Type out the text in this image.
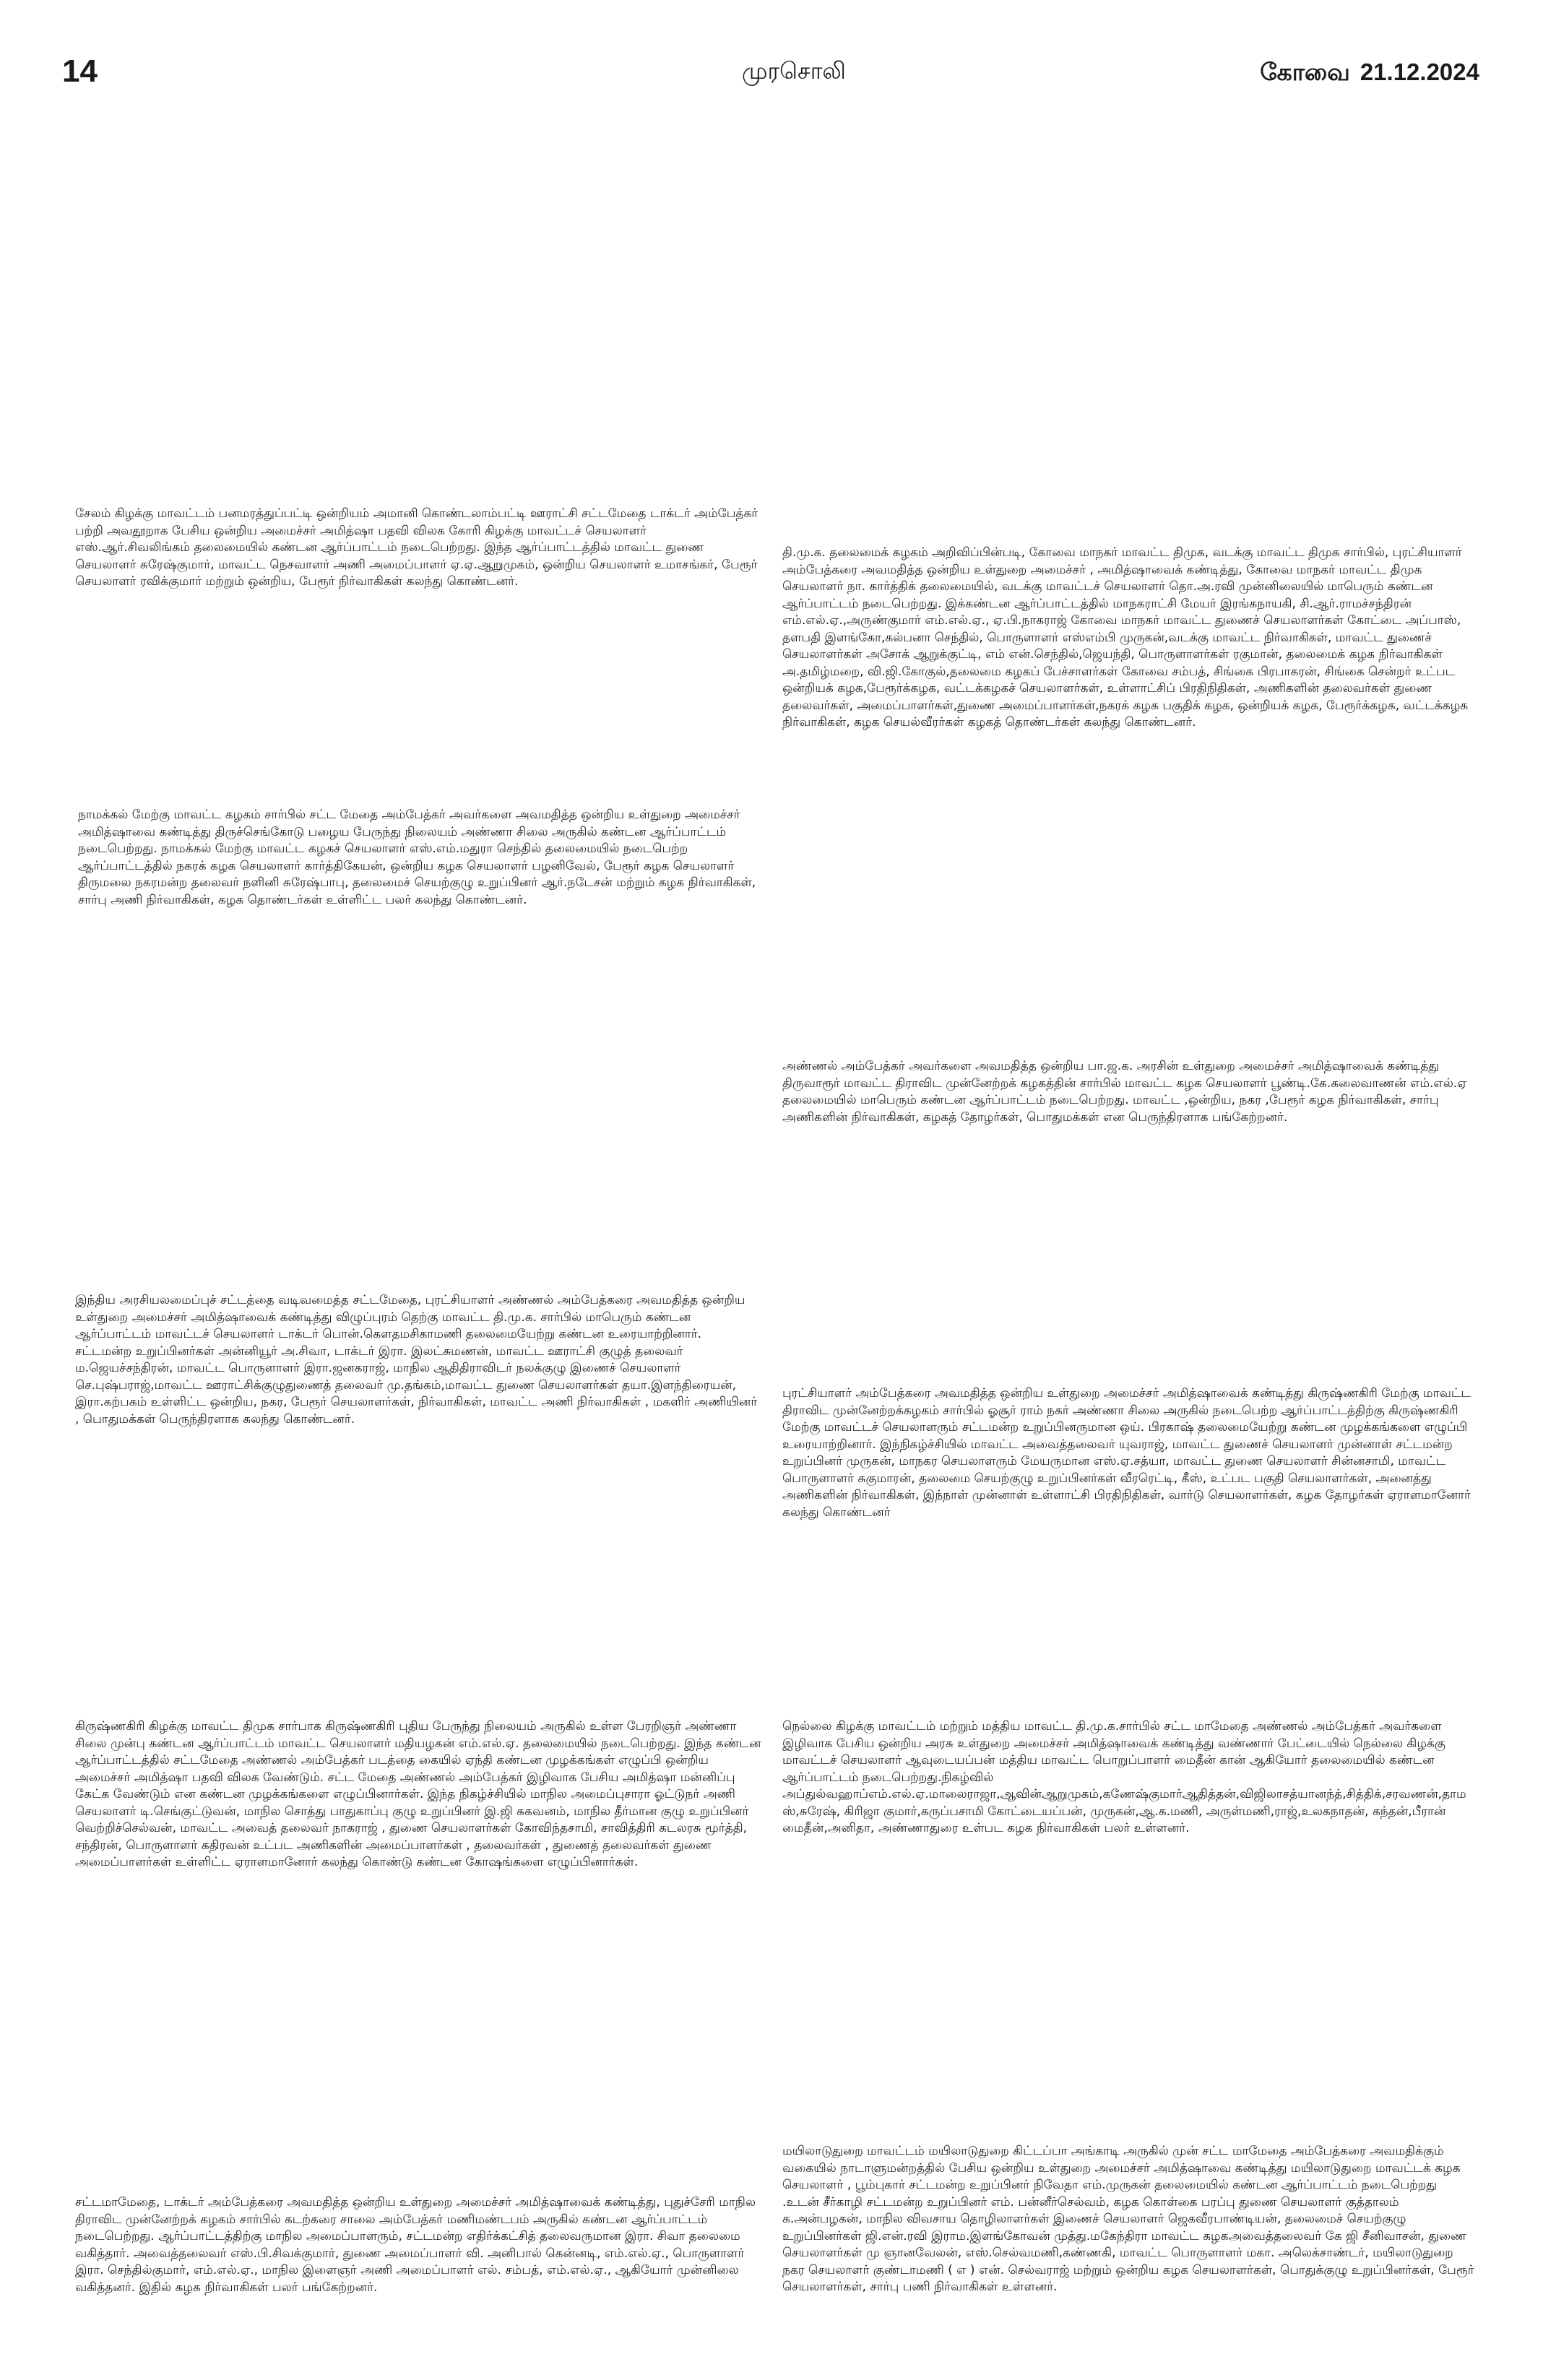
14	முரசொலி	கோவை 21.12.2024
சேலம் கிழக்கு மாவட்டம் பனமரத்துப்பட்டி ஒன்றியம் அமானி கொண்டலாம்பட்டி ஊராட்சி சட்டமேதை டாக்டர் அம்பேத்கர் பற்றி அவதூறாக பேசிய ஒன்றிய அமைச்சர் அமித்ஷா பதவி விலக கோரி கிழக்கு மாவட்டச் செயலாளர் எஸ்.ஆர்.சிவலிங்கம் தலைமையில் கண்டன ஆர்ப்பாட்டம் நடைபெற்றது. இந்த ஆர்ப்பாட்டத்தில் மாவட்ட துணை செயலாளர் சுரேஷ்குமார், மாவட்ட நெசவாளர் அணி அமைப்பாளர் ஏ.ஏ.ஆறுமுகம், ஒன்றிய செயலாளர் உமாசங்கர், பேரூர் செயலாளர் ரவிக்குமார் மற்றும் ஒன்றிய, பேரூர் நிர்வாகிகள் கலந்து கொண்டனர்.
தி.மு.க. தலைமைக் கழகம் அறிவிப்பின்படி, கோவை மாநகர் மாவட்ட திமுக, வடக்கு மாவட்ட திமுக சார்பில், புரட்சியாளர் அம்பேத்கரை அவமதித்த ஒன்றிய உள்துறை அமைச்சர் , அமித்ஷாவைக் கண்டித்து, கோவை மாநகர் மாவட்ட திமுக செயலாளர் நா. கார்த்திக் தலைமையில், வடக்கு மாவட்டச் செயலாளர் தொ.அ.ரவி முன்னிலையில் மாபெரும் கண்டன ஆர்ப்பாட்டம் நடைபெற்றது. இக்கண்டன ஆர்ப்பாட்டத்தில் மாநகராட்சி மேயர் இரங்கநாயகி, சி.ஆர்.ராமச்சந்திரன் எம்.எல்.ஏ.,அருண்குமார் எம்.எல்.ஏ., ஏ.பி.நாகராஜ் கோவை மாநகர் மாவட்ட துணைச் செயலாளர்கள் கோட்டை அப்பாஸ், தளபதி இளங்கோ,கல்பனா செந்தில், பொருளாளர் எஸ்எம்பி முருகன்,வடக்கு மாவட்ட நிர்வாகிகள், மாவட்ட துணைச் செயலாளர்கள் அசோக் ஆறுக்குட்டி, எம் என்.செந்தில்,ஜெயந்தி, பொருளாளர்கள் ரகுமான், தலைமைக் கழக நிர்வாகிகள் அ.தமிழ்மறை, வி.ஜி.கோகுல்,தலைமை கழகப் பேச்சாளர்கள் கோவை சம்பத், சிங்கை பிரபாகரன், சிங்கை சென்றர் உட்பட ஒன்றியக் கழக,பேரூர்க்கழக, வட்டக்கழகச் செயலாளர்கள், உள்ளாட்சிப் பிரதிநிதிகள், அணிகளின் தலைவர்கள் துணை தலைவர்கள், அமைப்பாளர்கள்,துணை அமைப்பாளர்கள்,நகரக் கழக பகுதிக் கழக, ஒன்றியக் கழக, பேரூர்க்கழக, வட்டக்கழக நிர்வாகிகள், கழக செயல்வீரர்கள் கழகத் தொண்டர்கள் கலந்து கொண்டனர்.
நாமக்கல் மேற்கு மாவட்ட கழகம் சார்பில் சட்ட மேதை அம்பேத்கர் அவர்களை அவமதித்த ஒன்றிய உள்துறை அமைச்சர் அமித்ஷாவை கண்டித்து திருச்செங்கோடு பழைய பேருந்து நிலையம் அண்ணா சிலை அருகில் கண்டன ஆர்ப்பாட்டம் நடைபெற்றது. நாமக்கல் மேற்கு மாவட்ட கழகச் செயலாளர் எஸ்.எம்.மதுரா செந்தில் தலைமையில் நடைபெற்ற ஆர்ப்பாட்டத்தில் நகரக் கழக செயலாளர் கார்த்திகேயன், ஒன்றிய கழக செயலாளர் பழனிவேல், பேரூர் கழக செயலாளர் திருமலை நகரமன்ற தலைவர் நளினி சுரேஷ்பாபு, தலைமைச் செயற்குழு உறுப்பினர் ஆர்.நடேசன் மற்றும் கழக நிர்வாகிகள், சார்பு அணி நிர்வாகிகள், கழக தொண்டர்கள் உள்ளிட்ட பலர் கலந்து கொண்டனர்.
அண்ணல் அம்பேத்கர் அவர்களை அவமதித்த ஒன்றிய பா.ஜ.க. அரசின் உள்துறை அமைச்சர் அமித்ஷாவைக் கண்டித்து திருவாரூர் மாவட்ட திராவிட முன்னேற்றக் கழகத்தின் சார்பில் மாவட்ட கழக செயலாளர் பூண்டி.கே.கலைவாணன் எம்.எல்.ஏ தலைமையில் மாபெரும் கண்டன ஆர்ப்பாட்டம் நடைபெற்றது. மாவட்ட ,ஒன்றிய, நகர ,பேரூர் கழக நிர்வாகிகள், சார்பு அணிகளின் நிர்வாகிகள், கழகத் தோழர்கள், பொதுமக்கள் என பெருந்திரளாக பங்கேற்றனர்.
இந்திய அரசியலமைப்புச் சட்டத்தை வடிவமைத்த சட்டமேதை, புரட்சியாளர் அண்ணல் அம்பேத்கரை அவமதித்த ஒன்றிய உள்துறை அமைச்சர் அமித்ஷாவைக் கண்டித்து விழுப்புரம் தெற்கு மாவட்ட தி.மு.க. சார்பில் மாபெரும் கண்டன ஆர்ப்பாட்டம் மாவட்டச் செயலாளர் டாக்டர் பொன்.கௌதமசிகாமணி தலைமையேற்று கண்டன உரையாற்றினார். சட்டமன்ற உறுப்பினர்கள் அன்னியூர் அ.சிவா, டாக்டர் இரா. இலட்சுமணன், மாவட்ட ஊராட்சி குழுத் தலைவர் ம.ஜெயச்சந்திரன், மாவட்ட பொருளாளர் இரா.ஜனகராஜ், மாநில ஆதிதிராவிடர் நலக்குழு இணைச் செயலாளர் செ.புஷ்பராஜ்,மாவட்ட ஊராட்சிக்குழுதுணைத் தலைவர் மு.தங்கம்,மாவட்ட துணை செயலாளர்கள் தயா.இளந்திரையன், இரா.கற்பகம் உள்ளிட்ட ஒன்றிய, நகர, பேரூர் செயலாளர்கள், நிர்வாகிகள், மாவட்ட அணி நிர்வாகிகள் , மகளிர் அணியினர் , பொதுமக்கள் பெருந்திரளாக கலந்து கொண்டனர்.
புரட்சியாளர் அம்பேத்கரை அவமதித்த ஒன்றிய உள்துறை அமைச்சர் அமித்ஷாவைக் கண்டித்து கிருஷ்ணகிரி மேற்கு மாவட்ட திராவிட முன்னேற்றக்கழகம் சார்பில் ஓசூர் ராம் நகர் அண்ணா சிலை அருகில் நடைபெற்ற ஆர்ப்பாட்டத்திற்கு கிருஷ்ணகிரி மேற்கு மாவட்டச் செயலாளரும் சட்டமன்ற உறுப்பினருமான ஒய். பிரகாஷ் தலைமையேற்று கண்டன முழக்கங்களை எழுப்பி உரையாற்றினார். இந்நிகழ்ச்சியில் மாவட்ட அவைத்தலைவர் யுவராஜ், மாவட்ட துணைச் செயலாளர் முன்னாள் சட்டமன்ற உறுப்பினர் முருகன், மாநகர செயலாளரும் மேயருமான எஸ்.ஏ.சத்யா, மாவட்ட துணை செயலாளர் சின்னசாமி, மாவட்ட பொருளாளர் சுகுமாரன், தலைமை செயற்குழு உறுப்பினர்கள் வீரரெட்டி, கீஸ், உட்பட பகுதி செயலாளர்கள், அனைத்து அணிகளின் நிர்வாகிகள், இந்நாள் முன்னாள் உள்ளாட்சி பிரதிநிதிகள், வார்டு செயலாளர்கள், கழக தோழர்கள் ஏராளமானோர் கலந்து கொண்டனர்
கிருஷ்ணகிரி கிழக்கு மாவட்ட திமுக சார்பாக கிருஷ்ணகிரி புதிய பேருந்து நிலையம் அருகில் உள்ள பேரறிஞர் அண்ணா சிலை முன்பு கண்டன ஆர்ப்பாட்டம் மாவட்ட செயலாளர் மதியழகன் எம்.எல்.ஏ. தலைமையில் நடைபெற்றது. இந்த கண்டன ஆர்ப்பாட்டத்தில் சட்டமேதை அண்ணல் அம்பேத்கர் படத்தை கையில் ஏந்தி கண்டன முழக்கங்கள் எழுப்பி ஒன்றிய அமைச்சர் அமித்ஷா பதவி விலக வேண்டும். சட்ட மேதை அண்ணல் அம்பேத்கர் இழிவாக பேசிய அமித்ஷா மன்னிப்பு கேட்க வேண்டும் என கண்டன முழக்கங்களை எழுப்பினார்கள். இந்த நிகழ்ச்சியில் மாநில அமைப்புசாரா ஓட்டுநர் அணி செயலாளர் டி.செங்குட்டுவன், மாநில சொத்து பாதுகாப்பு குழு உறுப்பினர் இ.ஜி சுகவனம், மாநில தீர்மான குழு உறுப்பினர் வெற்றிச்செல்வன், மாவட்ட அவைத் தலைவர் நாகராஜ் , துணை செயலாளர்கள் கோவிந்தசாமி, சாவித்திரி கடலரசு மூர்த்தி, சந்திரன், பொருளாளர் கதிரவன் உட்பட அணிகளின் அமைப்பாளர்கள் , தலைவர்கள் , துணைத் தலைவர்கள் துணை அமைப்பாளர்கள் உள்ளிட்ட ஏராளமானோர் கலந்து கொண்டு கண்டன கோஷங்களை எழுப்பினார்கள்.
நெல்லை கிழக்கு மாவட்டம் மற்றும் மத்திய மாவட்ட தி.மு.க.சார்பில் சட்ட மாமேதை அண்ணல் அம்பேத்கர் அவர்களை இழிவாக பேசிய ஒன்றிய அரசு உள்துறை அமைச்சர் அமித்ஷாவைக் கண்டித்து வண்ணார் பேட்டையில் நெல்லை கிழக்கு மாவட்டச் செயலாளர் ஆவுடையப்பன் மத்திய மாவட்ட பொறுப்பாளர் மைதீன் கான் ஆகியோர் தலைமையில் கண்டன ஆர்ப்பாட்டம் நடைபெற்றது.நிகழ்வில் அப்துல்வஹாப்எம்.எல்.ஏ.மாலைராஜா,ஆவின்ஆறுமுகம்,கணேஷ்குமார்ஆதித்தன்,விஜிலாசத்யானந்த்,சித்திக்,சரவணன்,தாமஸ்,சுரேஷ், கிரிஜா குமார்,கருப்பசாமி கோட்டையப்பன், முருகன்,ஆ.க.மணி, அருள்மணி,ராஜ்,உலகநாதன், கந்தன்,பீரான் மைதீன்,அனிதா, அண்ணாதுரை உள்பட கழக நிர்வாகிகள் பலர் உள்ளனர்.
சட்டமாமேதை, டாக்டர் அம்பேத்கரை அவமதித்த ஒன்றிய உள்துறை அமைச்சர் அமித்ஷாவைக் கண்டித்து, புதுச்சேரி மாநில திராவிட முன்னேற்றக் கழகம் சார்பில் கடற்கரை சாலை அம்பேத்கர் மணிமண்டபம் அருகில் கண்டன ஆர்ப்பாட்டம் நடைபெற்றது. ஆர்ப்பாட்டத்திற்கு மாநில அமைப்பாளரும், சட்டமன்ற எதிர்க்கட்சித் தலைவருமான இரா. சிவா தலைமை வகித்தார். அவைத்தலைவர் எஸ்.பி.சிவக்குமார், துணை அமைப்பாளர் வி. அனிபால் கென்னடி, எம்.எல்.ஏ., பொருளாளர் இரா. செந்தில்குமார், எம்.எல்.ஏ., மாநில இளைஞர் அணி அமைப்பாளர் எல். சம்பத், எம்.எல்.ஏ., ஆகியோர் முன்னிலை வகித்தனர். இதில் கழக நிர்வாகிகள் பலர் பங்கேற்றனர்.
மயிலாடுதுறை மாவட்டம் மயிலாடுதுறை கிட்டப்பா அங்காடி அருகில் முன் சட்ட மாமேதை அம்பேத்கரை அவமதிக்கும் வகையில் நாடாளுமன்றத்தில் பேசிய ஒன்றிய உள்துறை அமைச்சர் அமித்ஷாவை கண்டித்து மயிலாடுதுறை மாவட்டக் கழக செயலாளர் , பூம்புகார் சட்டமன்ற உறுப்பினர் நிவேதா எம்.முருகன் தலைமையில் கண்டன ஆர்ப்பாட்டம் நடைபெற்றது .உடன் சீர்காழி சட்டமன்ற உறுப்பினர் எம். பன்னீர்செல்வம், கழக கொள்கை பரப்பு துணை செயலாளர் குத்தாலம் க.அன்பழகன், மாநில விவசாய தொழிலாளர்கள் இணைச் செயலாளர் ஜெகவீரபாண்டியன், தலைமைச் செயற்குழு உறுப்பினர்கள் ஜி.என்.ரவி இராம.இளங்கோவன் முத்து.மகேந்திரா மாவட்ட கழகஅவைத்தலைவர் கே ஜி சீனிவாசன், துணை செயலாளர்கள் மு ஞானவேலன், எஸ்.செல்வமணி,கண்ணகி, மாவட்ட பொருளாளர் மகா. அலெக்சாண்டர், மயிலாடுதுறை நகர செயலாளர் குண்டாமணி ( எ ) என். செல்வராஜ் மற்றும் ஒன்றிய கழக செயலாளர்கள், பொதுக்குழு உறுப்பினர்கள், பேரூர் செயலாளர்கள், சார்பு பணி நிர்வாகிகள் உள்ளனர்.
